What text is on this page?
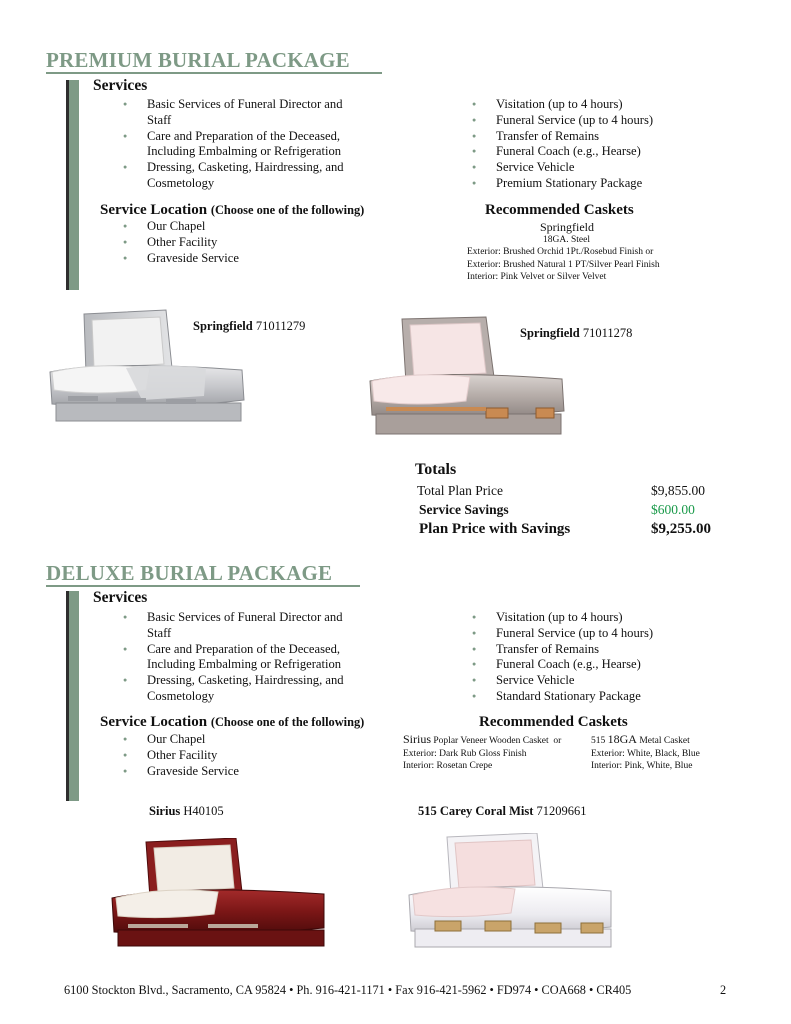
PREMIUM BURIAL PACKAGE
Services
● Basic Services of Funeral Director and Staff
● Care and Preparation of the Deceased, Including Embalming or Refrigeration
● Dressing, Casketing, Hairdressing, and Cosmetology
● Visitation (up to 4 hours)
● Funeral Service (up to 4 hours)
● Transfer of Remains
● Funeral Coach (e.g., Hearse)
● Service Vehicle
● Premium Stationary Package
Service Location (Choose one of the following)
● Our Chapel
● Other Facility
● Graveside Service
Recommended Caskets
Springfield
18GA. Steel
Exterior: Brushed Orchid 1Pt./Rosebud Finish or
Exterior: Brushed Natural 1 PT/Silver Pearl Finish
Interior: Pink Velvet or Silver Velvet
Springfield 71011279	Springfield 71011278
Totals
Total Plan Price	$9,855.00
Service Savings	$600.00
Plan Price with Savings	$9,255.00
DELUXE BURIAL PACKAGE
Services
● Basic Services of Funeral Director and Staff
● Care and Preparation of the Deceased, Including Embalming or Refrigeration
● Dressing, Casketing, Hairdressing, and Cosmetology
● Visitation (up to 4 hours)
● Funeral Service (up to 4 hours)
● Transfer of Remains
● Funeral Coach (e.g., Hearse)
● Service Vehicle
● Standard Stationary Package
Service Location (Choose one of the following)
● Our Chapel
● Other Facility
● Graveside Service
Recommended Caskets
Sirius Poplar Veneer Wooden Casket or
Exterior: Dark Rub Gloss Finish
Interior: Rosetan Crepe
515 18GA Metal Casket
Exterior: White, Black, Blue
Interior: Pink, White, Blue
Sirius H40105	515 Carey Coral Mist 71209661
6100 Stockton Blvd., Sacramento, CA 95824 • Ph. 916-421-1171 • Fax 916-421-5962 • FD974 • COA668 • CR405	2
